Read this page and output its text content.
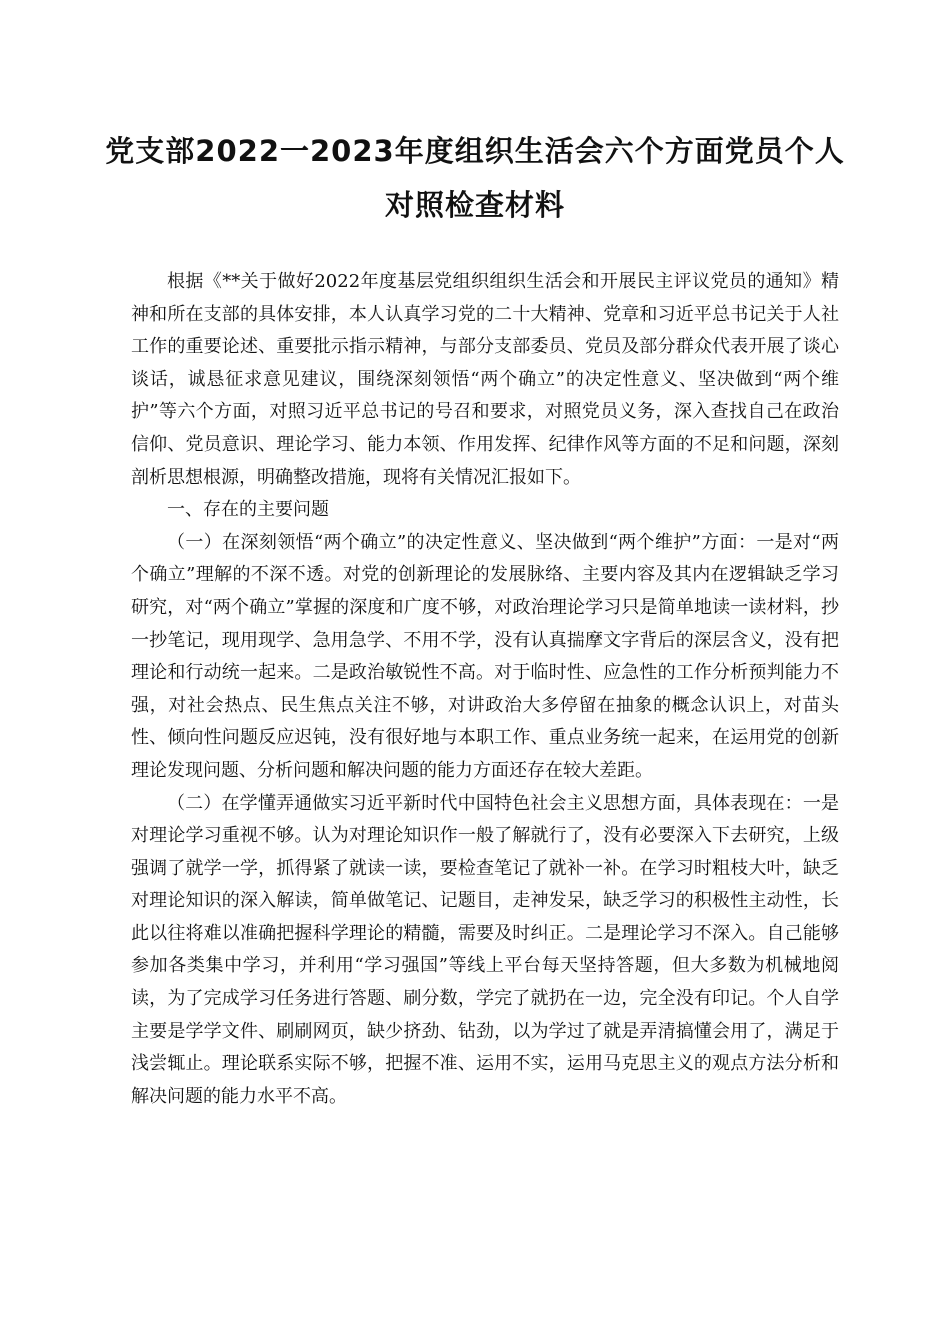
党支部2022一2023年度组织生活会六个方面党员个人
对照检查材料

根据《**关于做好2022年度基层党组织组织生活会和开展民主评议党员的通知》精神和所在支部的具体安排，本人认真学习党的二十大精神、党章和习近平总书记关于人社工作的重要论述、重要批示指示精神，与部分支部委员、党员及部分群众代表开展了谈心谈话，诚恳征求意见建议，围绕深刻领悟“两个确立”的决定性意义、坚决做到“两个维护”等六个方面，对照习近平总书记的号召和要求，对照党员义务，深入查找自己在政治信仰、党员意识、理论学习、能力本领、作用发挥、纪律作风等方面的不足和问题，深刻剖析思想根源，明确整改措施，现将有关情况汇报如下。

一、存在的主要问题

（一）在深刻领悟“两个确立”的决定性意义、坚决做到“两个维护”方面：一是对“两个确立”理解的不深不透。对党的创新理论的发展脉络、主要内容及其内在逻辑缺乏学习研究，对“两个确立”掌握的深度和广度不够，对政治理论学习只是简单地读一读材料，抄一抄笔记，现用现学、急用急学、不用不学，没有认真揣摩文字背后的深层含义，没有把理论和行动统一起来。二是政治敏锐性不高。对于临时性、应急性的工作分析预判能力不强，对社会热点、民生焦点关注不够，对讲政治大多停留在抽象的概念认识上，对苗头性、倾向性问题反应迟钝，没有很好地与本职工作、重点业务统一起来，在运用党的创新理论发现问题、分析问题和解决问题的能力方面还存在较大差距。

（二）在学懂弄通做实习近平新时代中国特色社会主义思想方面，具体表现在：一是对理论学习重视不够。认为对理论知识作一般了解就行了，没有必要深入下去研究，上级强调了就学一学，抓得紧了就读一读，要检查笔记了就补一补。在学习时粗枝大叶，缺乏对理论知识的深入解读，简单做笔记、记题目，走神发呆，缺乏学习的积极性主动性，长此以往将难以准确把握科学理论的精髓，需要及时纠正。二是理论学习不深入。自己能够参加各类集中学习，并利用“学习强国”等线上平台每天坚持答题，但大多数为机械地阅读，为了完成学习任务进行答题、刷分数，学完了就扔在一边，完全没有印记。个人自学主要是学学文件、刷刷网页，缺少挤劲、钻劲，以为学过了就是弄清搞懂会用了，满足于浅尝辄止。理论联系实际不够，把握不准、运用不实，运用马克思主义的观点方法分析和解决问题的能力水平不高。
